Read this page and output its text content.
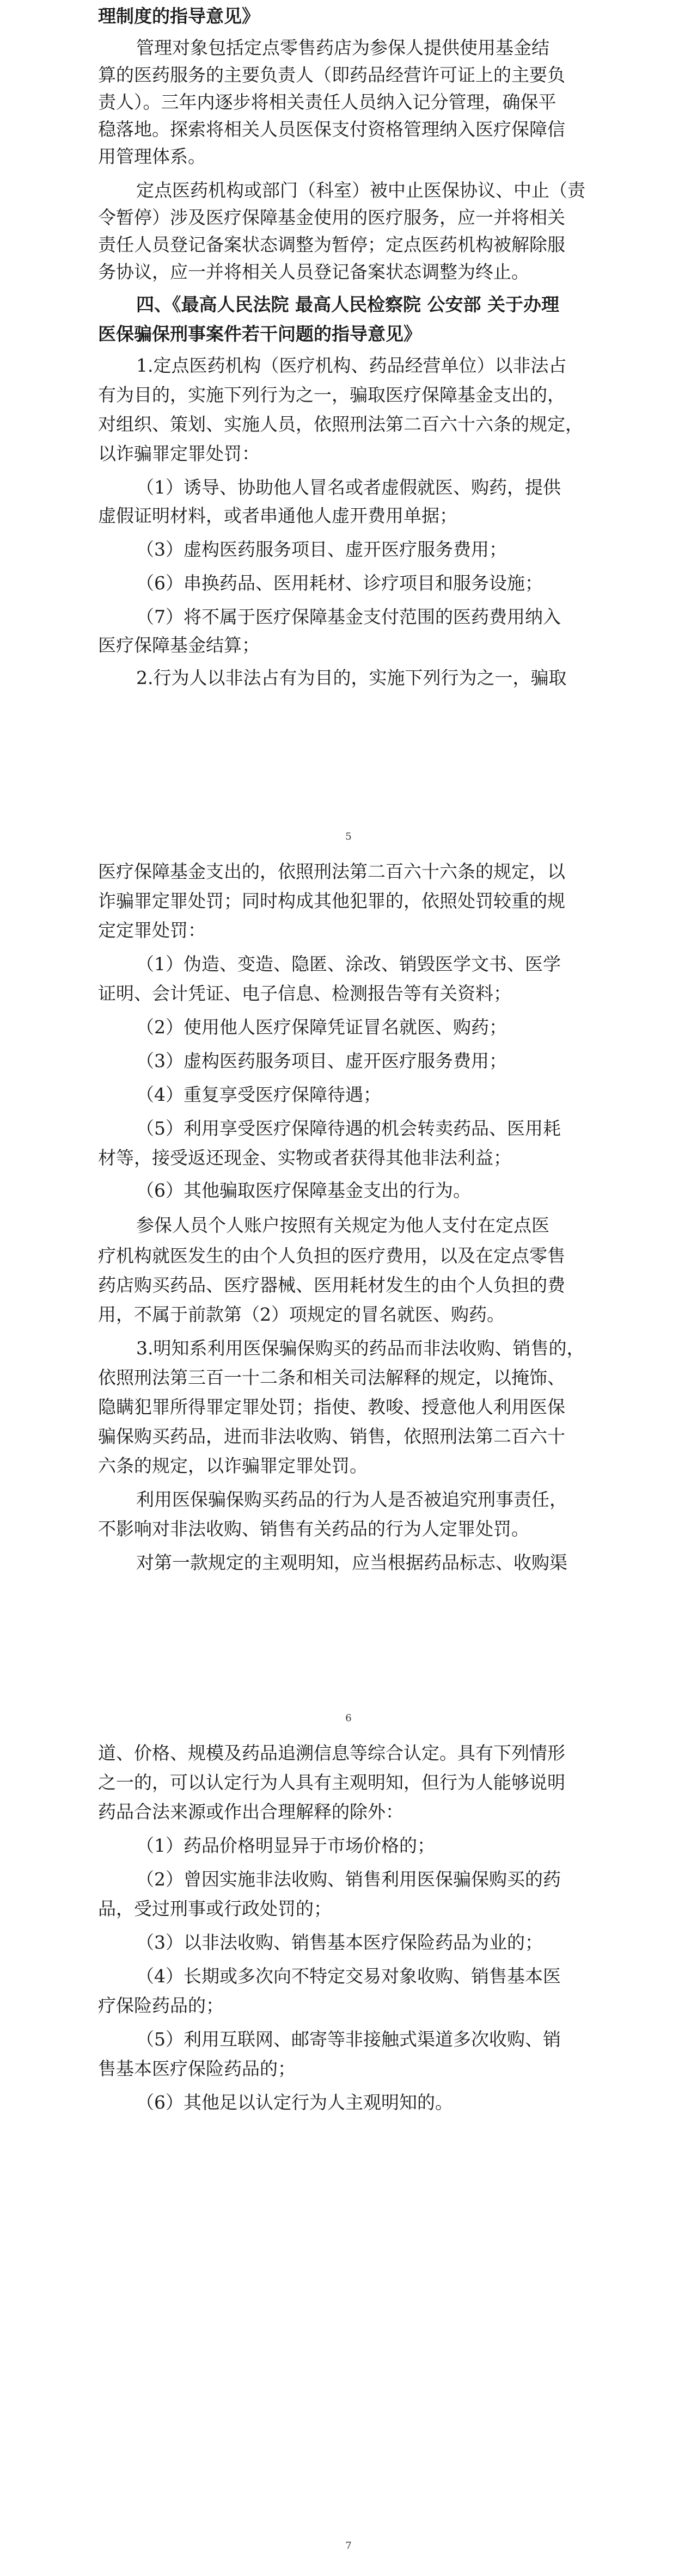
理制度的指导意见》
管理对象包括定点零售药店为参保人提供使用基金结
算的医药服务的主要负责人（即药品经营许可证上的主要负
责人）。三年内逐步将相关责任人员纳入记分管理，确保平
稳落地。探索将相关人员医保支付资格管理纳入医疗保障信
用管理体系。
定点医药机构或部门（科室）被中止医保协议、中止（责
令暂停）涉及医疗保障基金使用的医疗服务，应一并将相关
责任人员登记备案状态调整为暂停；定点医药机构被解除服
务协议，应一并将相关人员登记备案状态调整为终止。
四、《最高人民法院 最高人民检察院 公安部 关于办理
医保骗保刑事案件若干问题的指导意见》
1.定点医药机构（医疗机构、药品经营单位）以非法占
有为目的，实施下列行为之一，骗取医疗保障基金支出的，
对组织、策划、实施人员，依照刑法第二百六十六条的规定，
以诈骗罪定罪处罚：
（1）诱导、协助他人冒名或者虚假就医、购药，提供
虚假证明材料，或者串通他人虚开费用单据；
（3）虚构医药服务项目、虚开医疗服务费用；
（6）串换药品、医用耗材、诊疗项目和服务设施；
（7）将不属于医疗保障基金支付范围的医药费用纳入
医疗保障基金结算；
2.行为人以非法占有为目的，实施下列行为之一，骗取
医疗保障基金支出的，依照刑法第二百六十六条的规定，以
诈骗罪定罪处罚；同时构成其他犯罪的，依照处罚较重的规
定定罪处罚：
（1）伪造、变造、隐匿、涂改、销毁医学文书、医学
证明、会计凭证、电子信息、检测报告等有关资料；
（2）使用他人医疗保障凭证冒名就医、购药；
（3）虚构医药服务项目、虚开医疗服务费用；
（4）重复享受医疗保障待遇；
（5）利用享受医疗保障待遇的机会转卖药品、医用耗
材等，接受返还现金、实物或者获得其他非法利益；
（6）其他骗取医疗保障基金支出的行为。
参保人员个人账户按照有关规定为他人支付在定点医
疗机构就医发生的由个人负担的医疗费用，以及在定点零售
药店购买药品、医疗器械、医用耗材发生的由个人负担的费
用，不属于前款第（2）项规定的冒名就医、购药。
3.明知系利用医保骗保购买的药品而非法收购、销售的，
依照刑法第三百一十二条和相关司法解释的规定，以掩饰、
隐瞒犯罪所得罪定罪处罚；指使、教唆、授意他人利用医保
骗保购买药品，进而非法收购、销售，依照刑法第二百六十
六条的规定，以诈骗罪定罪处罚。
利用医保骗保购买药品的行为人是否被追究刑事责任，
不影响对非法收购、销售有关药品的行为人定罪处罚。
对第一款规定的主观明知，应当根据药品标志、收购渠
道、价格、规模及药品追溯信息等综合认定。具有下列情形
之一的，可以认定行为人具有主观明知，但行为人能够说明
药品合法来源或作出合理解释的除外：
（1）药品价格明显异于市场价格的；
（2）曾因实施非法收购、销售利用医保骗保购买的药
品，受过刑事或行政处罚的；
（3）以非法收购、销售基本医疗保险药品为业的；
（4）长期或多次向不特定交易对象收购、销售基本医
疗保险药品的；
（5）利用互联网、邮寄等非接触式渠道多次收购、销
售基本医疗保险药品的；
（6）其他足以认定行为人主观明知的。
5
6
7
